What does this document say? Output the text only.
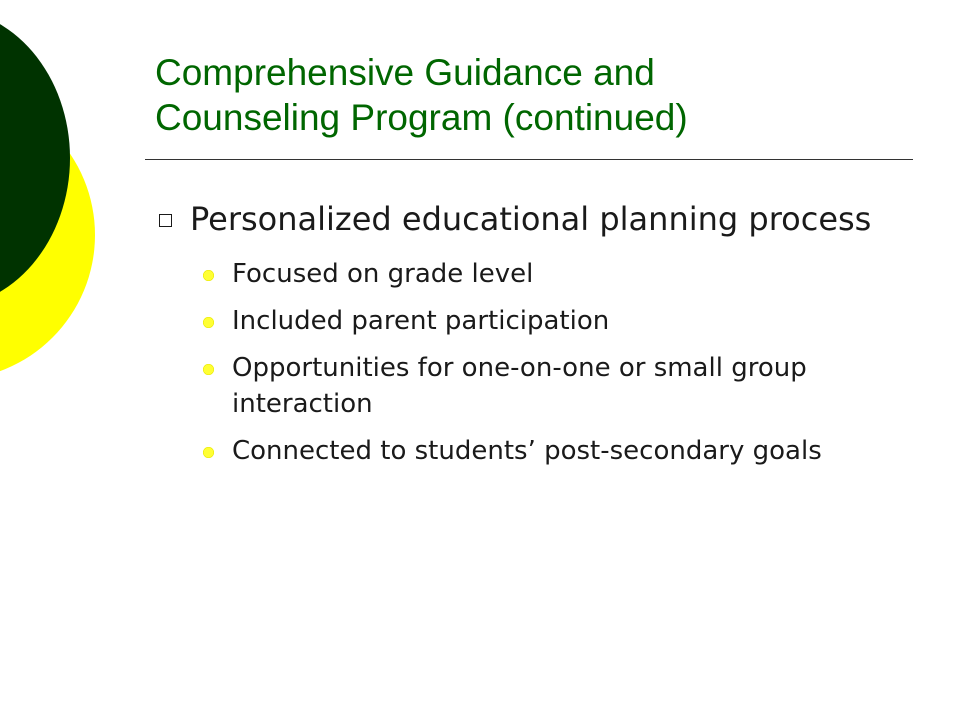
Comprehensive Guidance and
Counseling Program (continued)
Personalized educational planning process
Focused on grade level
Included parent participation
Opportunities for one-on-one or small group interaction
Connected to students’ post-secondary goals
